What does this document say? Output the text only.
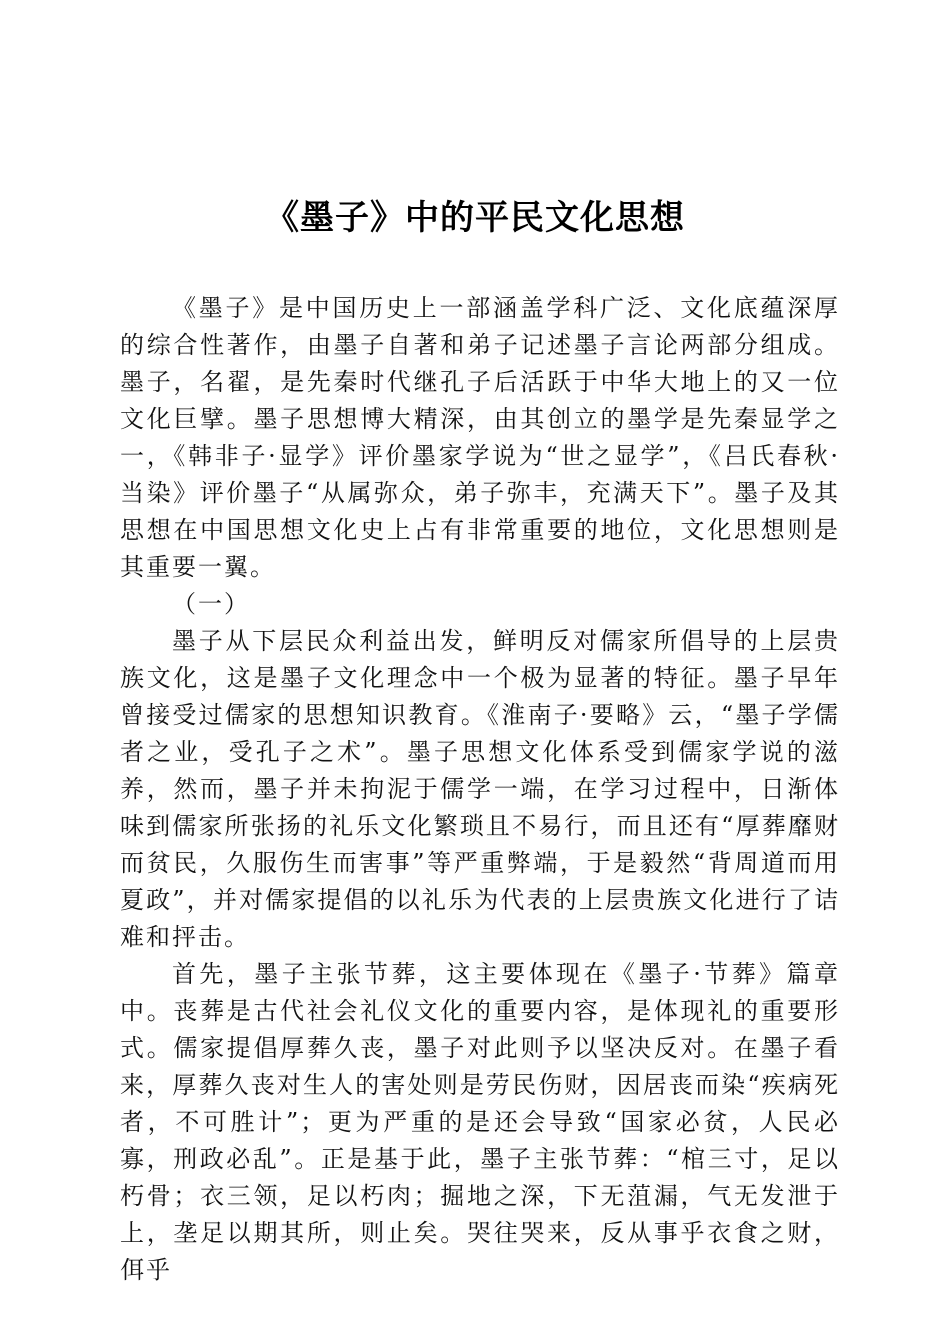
《墨子》中的平民文化思想

《墨子》是中国历史上一部涵盖学科广泛、文化底蕴深厚的综合性著作，由墨子自著和弟子记述墨子言论两部分组成。墨子，名翟，是先秦时代继孔子后活跃于中华大地上的又一位文化巨擘。墨子思想博大精深，由其创立的墨学是先秦显学之一，《韩非子·显学》评价墨家学说为“世之显学”，《吕氏春秋·当染》评价墨子“从属弥众，弟子弥丰，充满天下”。墨子及其思想在中国思想文化史上占有非常重要的地位，文化思想则是其重要一翼。

（一）

墨子从下层民众利益出发，鲜明反对儒家所倡导的上层贵族文化，这是墨子文化理念中一个极为显著的特征。墨子早年曾接受过儒家的思想知识教育。《淮南子·要略》云，“墨子学儒者之业，受孔子之术”。墨子思想文化体系受到儒家学说的滋养，然而，墨子并未拘泥于儒学一端，在学习过程中，日渐体味到儒家所张扬的礼乐文化繁琐且不易行，而且还有“厚葬靡财而贫民，久服伤生而害事”等严重弊端，于是毅然“背周道而用夏政”，并对儒家提倡的以礼乐为代表的上层贵族文化进行了诘难和抨击。

首先，墨子主张节葬，这主要体现在《墨子·节葬》篇章中。丧葬是古代社会礼仪文化的重要内容，是体现礼的重要形式。儒家提倡厚葬久丧，墨子对此则予以坚决反对。在墨子看来，厚葬久丧对生人的害处则是劳民伤财，因居丧而染“疾病死者，不可胜计”；更为严重的是还会导致“国家必贫，人民必寡，刑政必乱”。正是基于此，墨子主张节葬：“棺三寸，足以朽骨；衣三领，足以朽肉；掘地之深，下无菹漏，气无发泄于上，垄足以期其所，则止矣。哭往哭来，反从事乎衣食之财，佴乎
